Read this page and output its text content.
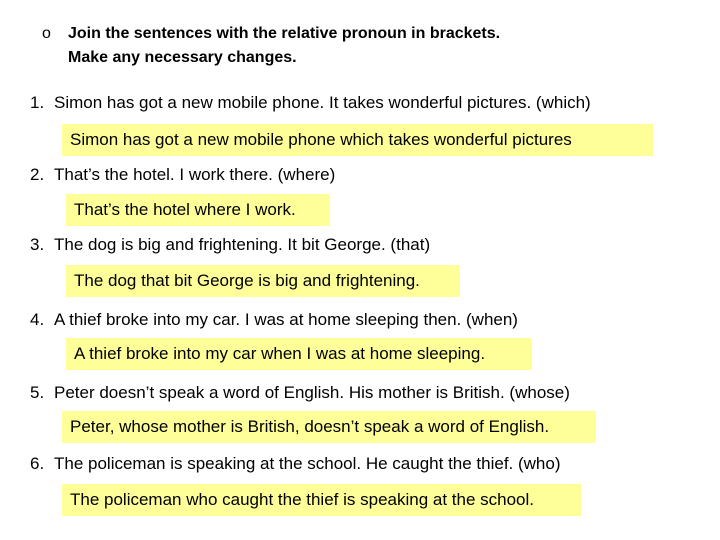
o Join the sentences with the relative pronoun in brackets.
Make any necessary changes.
1. Simon has got a new mobile phone. It takes wonderful pictures. (which)
Simon has got a new mobile phone which takes wonderful pictures
2. That’s the hotel. I work there. (where)
That’s the hotel where I work.
3. The dog is big and frightening. It bit George. (that)
The dog that bit George is big and frightening.
4. A thief broke into my car. I was at home sleeping then. (when)
A thief broke into my car when I was at home sleeping.
5. Peter doesn’t speak a word of English. His mother is British. (whose)
Peter, whose mother is British, doesn’t speak a word of English.
6. The policeman is speaking at the school. He caught the thief. (who)
The policeman who caught the thief is speaking at the school.
